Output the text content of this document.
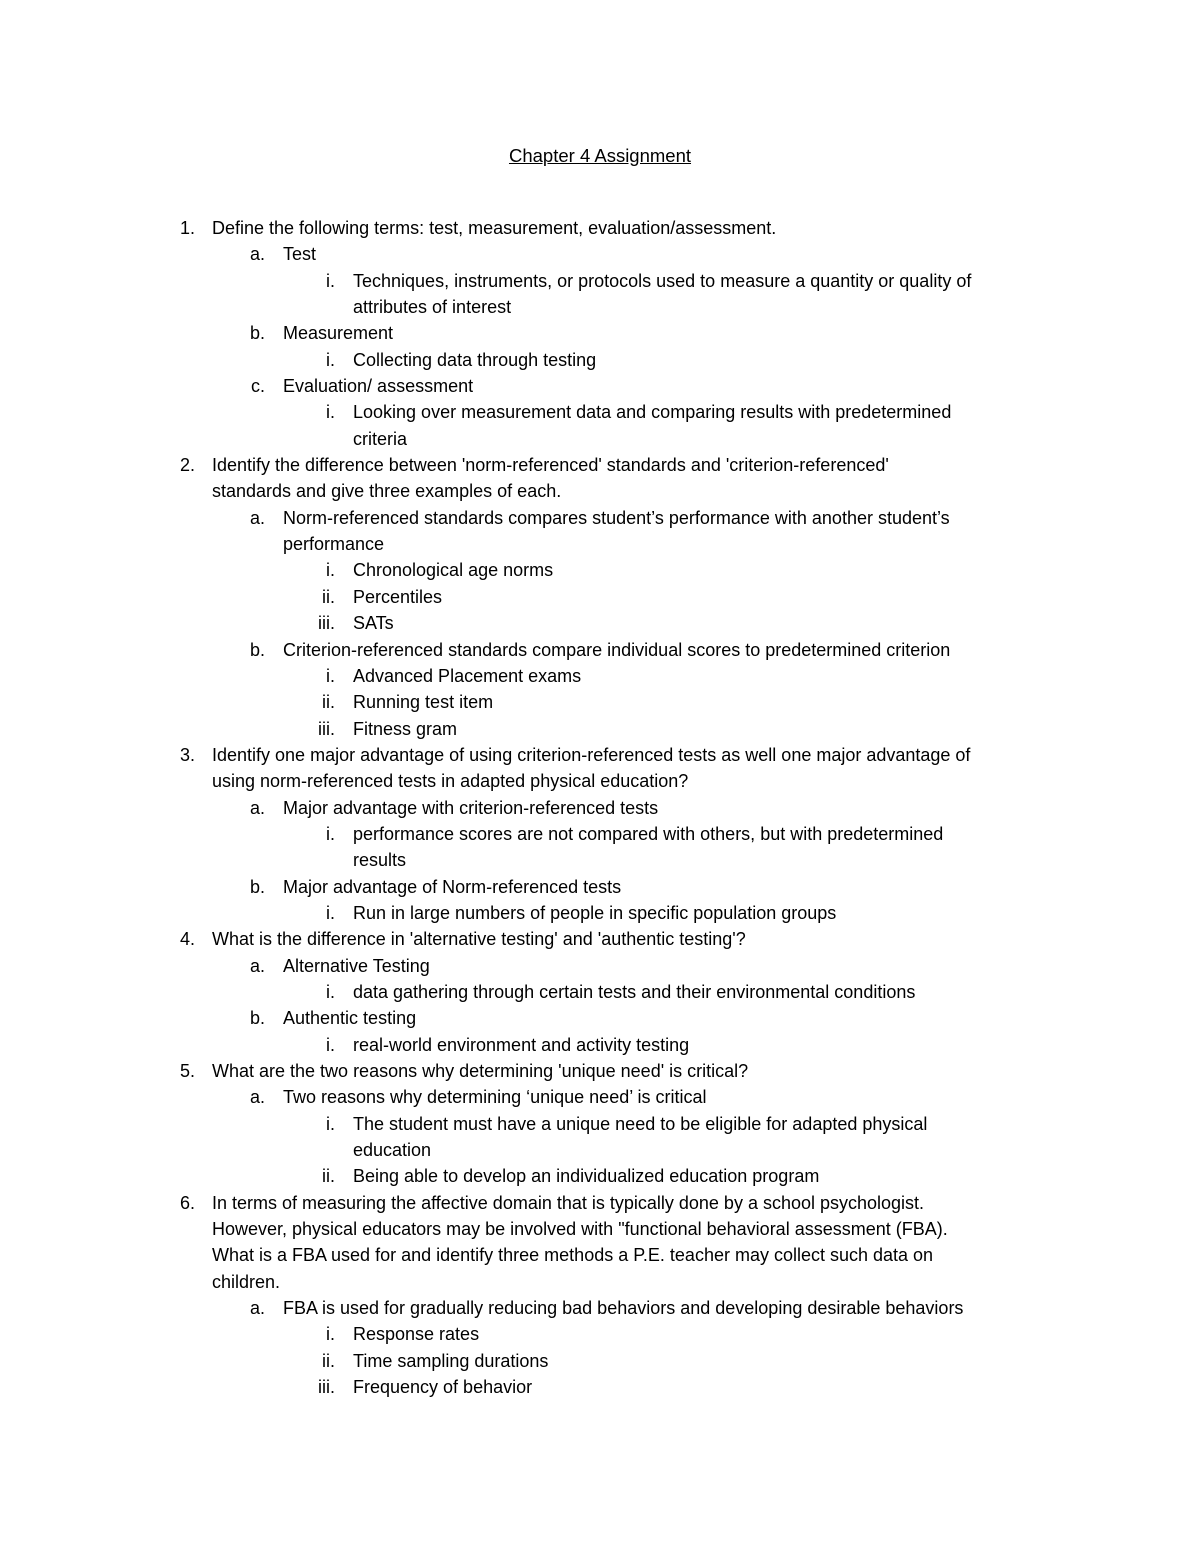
Chapter 4 Assignment
1. Define the following terms: test, measurement, evaluation/assessment.
a. Test
i. Techniques, instruments, or protocols used to measure a quantity or quality of
attributes of interest
b. Measurement
i. Collecting data through testing
c. Evaluation/ assessment
i. Looking over measurement data and comparing results with predetermined
criteria
2. Identify the difference between 'norm-referenced' standards and 'criterion-referenced'
standards and give three examples of each.
a. Norm-referenced standards compares student’s performance with another student’s
performance
i. Chronological age norms
ii. Percentiles
iii. SATs
b. Criterion-referenced standards compare individual scores to predetermined criterion
i. Advanced Placement exams
ii. Running test item
iii. Fitness gram
3. Identify one major advantage of using criterion-referenced tests as well one major advantage of
using norm-referenced tests in adapted physical education?
a. Major advantage with criterion-referenced tests
i. performance scores are not compared with others, but with predetermined
results
b. Major advantage of Norm-referenced tests
i. Run in large numbers of people in specific population groups
4. What is the difference in 'alternative testing' and 'authentic testing'?
a. Alternative Testing
i. data gathering through certain tests and their environmental conditions
b. Authentic testing
i. real-world environment and activity testing
5. What are the two reasons why determining 'unique need' is critical?
a. Two reasons why determining ‘unique need’ is critical
i. The student must have a unique need to be eligible for adapted physical
education
ii. Being able to develop an individualized education program
6. In terms of measuring the affective domain that is typically done by a school psychologist.
However, physical educators may be involved with "functional behavioral assessment (FBA).
What is a FBA used for and identify three methods a P.E. teacher may collect such data on
children.
a. FBA is used for gradually reducing bad behaviors and developing desirable behaviors
i. Response rates
ii. Time sampling durations
iii. Frequency of behavior
